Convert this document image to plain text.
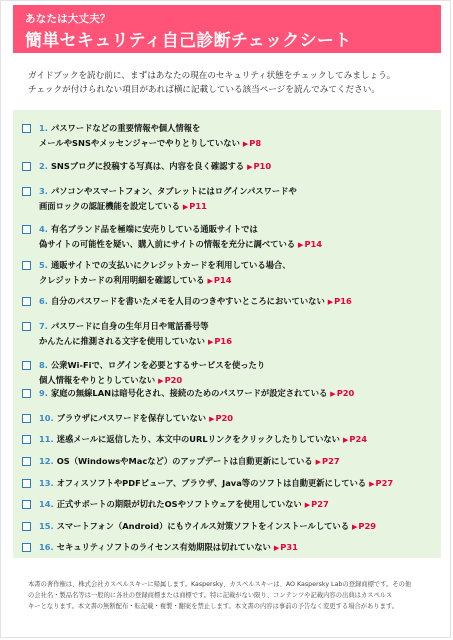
あなたは大丈夫？
簡単セキュリティ自己診断チェックシート
ガイドブックを読む前に、まずはあなたの現在のセキュリティ状態をチェックしてみましょう。
チェックが付けられない項目があれば横に記載している該当ページを読んでみてください。
1. パスワードなどの重要情報や個人情報を
メールやSNSやメッセンジャーでやりとりしていない ▶P8
2. SNSブログに投稿する写真は、内容を良く確認する ▶P10
3. パソコンやスマートフォン、タブレットにはログインパスワードや
画面ロックの認証機能を設定している ▶P11
4. 有名ブランド品を極端に安売りしている通販サイトでは
偽サイトの可能性を疑い、購入前にサイトの情報を充分に調べている ▶P14
5. 通販サイトでの支払いにクレジットカードを利用している場合、
クレジットカードの利用明細を確認している ▶P14
6. 自分のパスワードを書いたメモを人目のつきやすいところにおいていない ▶P16
7. パスワードに自身の生年月日や電話番号等
かんたんに推測される文字を使用していない ▶P16
8. 公衆Wi-Fiで、ログインを必要とするサービスを使ったり
個人情報をやりとりしていない ▶P20
9. 家庭の無線LANは暗号化され、接続のためのパスワードが設定されている ▶P20
10. ブラウザにパスワードを保存していない ▶P20
11. 迷惑メールに返信したり、本文中のURLリンクをクリックしたりしていない ▶P24
12. OS（WindowsやMacなど）のアップデートは自動更新にしている ▶P27
13. オフィスソフトやPDFビューア、ブラウザ、Java等のソフトは自動更新にしている ▶P27
14. 正式サポートの期限が切れたOSやソフトウェアを使用していない ▶P27
15. スマートフォン（Android）にもウイルス対策ソフトをインストールしている ▶P29
16. セキュリティソフトのライセンス有効期限は切れていない ▶P31
本書の著作権は、株式会社カスペルスキーに帰属します。Kaspersky、カスペルスキーは、AO Kaspersky Labの登録商標です。その他
の会社名・製品名等は一般的に各社の登録商標または商標です。特に記載がない限り、コンテンツや記載内容の出典はカスペルス
キーとなります。本文書の無断配布・転記載・複製・翻案を禁止します。本文書の内容は事前の予告なく変更する場合があります。
